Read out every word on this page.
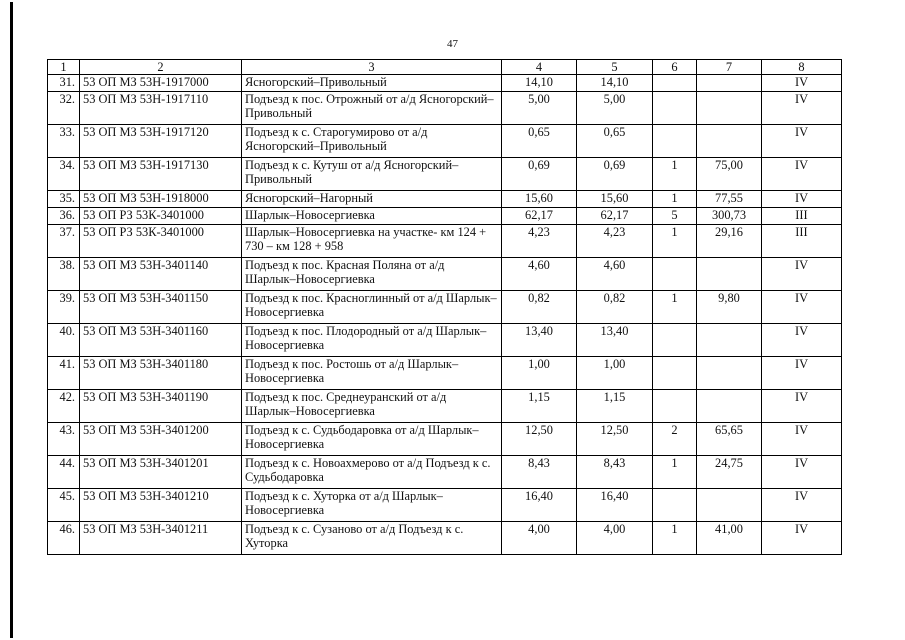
47
1	2	3	4	5	6	7	8
31.	53 ОП МЗ 53Н-1917000	Ясногорский–Привольный	14,10	14,10			IV
32.	53 ОП МЗ 53Н-1917110	Подъезд к пос. Отрожный от а/д Ясногорский–Привольный	5,00	5,00			IV
33.	53 ОП МЗ 53Н-1917120	Подъезд к с. Старогумирово от а/д Ясногорский–Привольный	0,65	0,65			IV
34.	53 ОП МЗ 53Н-1917130	Подъезд к с. Кутуш от а/д Ясногорский–Привольный	0,69	0,69	1	75,00	IV
35.	53 ОП МЗ 53Н-1918000	Ясногорский–Нагорный	15,60	15,60	1	77,55	IV
36.	53 ОП РЗ 53К-3401000	Шарлык–Новосергиевка	62,17	62,17	5	300,73	III
37.	53 ОП РЗ 53К-3401000	Шарлык–Новосергиевка на участке- км 124 + 730 – км 128 + 958	4,23	4,23	1	29,16	III
38.	53 ОП МЗ 53Н-3401140	Подъезд к пос. Красная Поляна от а/д Шарлык–Новосергиевка	4,60	4,60			IV
39.	53 ОП МЗ 53Н-3401150	Подъезд к пос. Красноглинный от а/д Шарлык–Новосергиевка	0,82	0,82	1	9,80	IV
40.	53 ОП МЗ 53Н-3401160	Подъезд к пос. Плодородный от а/д Шарлык–Новосергиевка	13,40	13,40			IV
41.	53 ОП МЗ 53Н-3401180	Подъезд к пос. Ростошь от а/д Шарлык–Новосергиевка	1,00	1,00			IV
42.	53 ОП МЗ 53Н-3401190	Подъезд к пос. Среднеуранский от а/д Шарлык–Новосергиевка	1,15	1,15			IV
43.	53 ОП МЗ 53Н-3401200	Подъезд к с. Судьбодаровка от а/д Шарлык–Новосергиевка	12,50	12,50	2	65,65	IV
44.	53 ОП МЗ 53Н-3401201	Подъезд к с. Новоахмерово от а/д Подъезд к с. Судьбодаровка	8,43	8,43	1	24,75	IV
45.	53 ОП МЗ 53Н-3401210	Подъезд к с. Хуторка от а/д Шарлык–Новосергиевка	16,40	16,40			IV
46.	53 ОП МЗ 53Н-3401211	Подъезд к с. Сузаново от а/д Подъезд к с. Хуторка	4,00	4,00	1	41,00	IV
